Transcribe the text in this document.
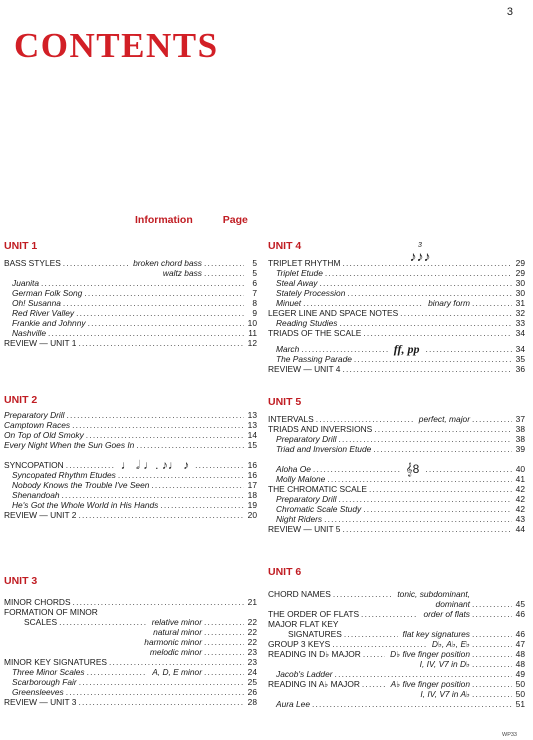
3
CONTENTS
Information	Page
UNIT 1
BASS STYLES .....	broken chord bass .....	5
waltz bass .....	5
Juanita .....	6
German Folk Song .....	7
Oh! Susanna .....	8
Red River Valley .....	9
Frankie and Johnny .....	10
Nashville .....	11
REVIEW — UNIT 1 .....	12
UNIT 2
Preparatory Drill .....	13
Camptown Races .....	13
On Top of Old Smoky .....	14
Every Night When the Sun Goes In .....	15
SYNCOPATION .....	♩ 𝅗𝅥 ♩. ♪♩ ♪ .....	16
Syncopated Rhythm Etudes .....	16
Nobody Knows the Trouble I've Seen .....	17
Shenandoah .....	18
He's Got the Whole World in His Hands .....	19
REVIEW — UNIT 2 .....	20
UNIT 3
MINOR CHORDS .....	21
FORMATION OF MINOR
SCALES .....	relative minor .....	22
natural minor .....	22
harmonic minor .....	22
melodic minor .....	23
MINOR KEY SIGNATURES .....	23
Three Minor Scales .....	A, D, E minor .....	24
Scarborough Fair .....	25
Greensleeves .....	26
REVIEW — UNIT 3 .....	28
UNIT 4	3
♪♪♪
TRIPLET RHYTHM .....	29
Triplet Etude .....	29
Steal Away .....	30
Stately Procession .....	30
Minuet .....	binary form .....	31
LEGER LINE AND SPACE NOTES .....	32
Reading Studies .....	33
TRIADS OF THE SCALE .....	34
March .....	ff, pp .....	34
The Passing Parade .....	35
REVIEW — UNIT 4 .....	36
UNIT 5
INTERVALS .....	perfect, major .....	37
TRIADS AND INVERSIONS .....	38
Preparatory Drill .....	38
Triad and Inversion Etude .....	39
Aloha Oe .....	𝄞8 .....	40
Molly Malone .....	41
THE CHROMATIC SCALE .....	42
Preparatory Drill .....	42
Chromatic Scale Study .....	42
Night Riders .....	43
REVIEW — UNIT 5 .....	44
UNIT 6
CHORD NAMES .....	tonic, subdominant,
dominant .....	45
THE ORDER OF FLATS .....	order of flats .....	46
MAJOR FLAT KEY
SIGNATURES .....	flat key signatures .....	46
GROUP 3 KEYS .....	D♭, A♭, E♭ .....	47
READING IN D♭ MAJOR .....	D♭ five finger position .....	48
I, IV, V7 in D♭ .....	48
Jacob's Ladder .....	49
READING IN A♭ MAJOR .....	A♭ five finger position .....	50
I, IV, V7 in A♭ .....	50
Aura Lee .....	51
WP33
